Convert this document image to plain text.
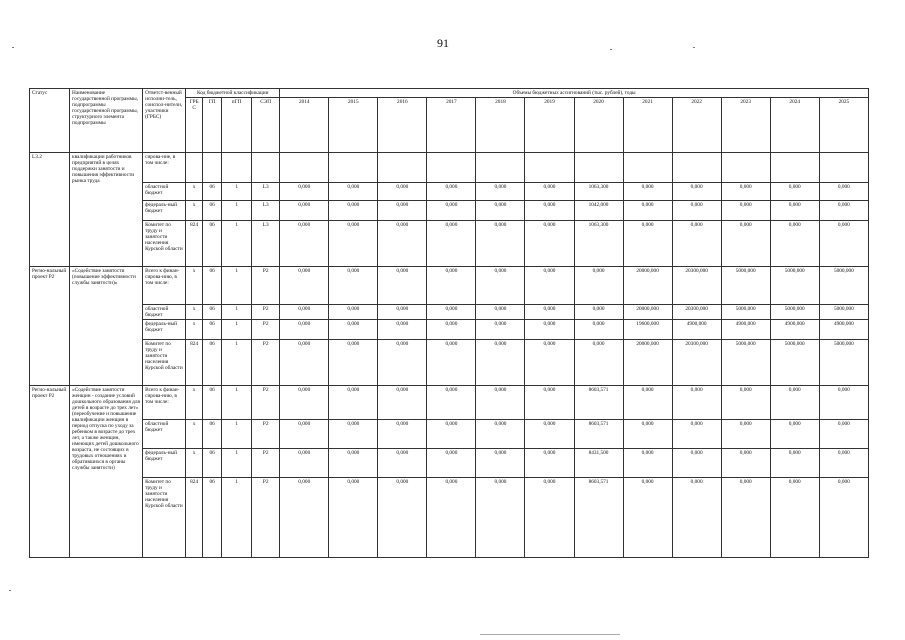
91
Статус	Наименование государственной программы, подпрограммы государственной программы, структурного элемента подпрограммы	Ответст-венный исполни-тель, соиспол-нители, участники (ГРБС)	Код бюджетной классификации				Объемы бюджетных ассигнований (тыс. рублей), годы											
			ГРБ С	ГП	пГП	СЭП	2014	2015	2016	2017	2018	2019	2020	2021	2022	2023	2024	2025
L3.2	квалификации работников предприятий в целях поддержки занятости и повышения эффективности рынка труда	сирова-ние, в том числе:																
		областной бюджет	х	06	1	L3	0,000	0,000	0,000	0,000	0,000	0,000	1063,300	0,000	0,000	0,000	0,000	0,000
		федераль-ный бюджет	х	06	1	L3	0,000	0,000	0,000	0,000	0,000	0,000	1042,000	0,000	0,000	0,000	0,000	0,000
		Комитет по труду и занятости населения Курской области	824	06	1	L3	0,000	0,000	0,000	0,000	0,000	0,000	1063,300	0,000	0,000	0,000	0,000	0,000
Регио-нальный проект Р2	«Содействие занятости (повышение эффективности службы занятости)»	Всего к финан-сирова-нию, в том числе:	х	06	1	Р2	0,000	0,000	0,000	0,000	0,000	0,000	0,000	20000,000	20300,000	5000,000	5000,000	5000,000
		областной бюджет	х	06	1	Р2	0,000	0,000	0,000	0,000	0,000	0,000	0,000	20000,000	20300,000	5000,000	5000,000	5000,000
		федераль-ный бюджет	х	06	1	Р2	0,000	0,000	0,000	0,000	0,000	0,000	0,000	19600,000	4900,000	4900,000	4900,000	4900,000
		Комитет по труду и занятости населения Курской области	824	06	1	Р2	0,000	0,000	0,000	0,000	0,000	0,000	0,000	20000,000	20300,000	5000,000	5000,000	5000,000
Регио-нальный проект Р2	«Содействие занятости женщин - создание условий дошкольного образования для детей в возрасте до трех лет» (переобучение и повышение квалификации женщин в период отпуска по уходу за ребенком в возрасте до трех лет, а также женщин, имеющих детей дошкольного возраста, не состоящих в трудовых отношениях и обратившихся в органы службы занятости)	Всего к финан-сирова-нию, в том числе:	х	06	1	Р2	0,000	0,000	0,000	0,000	0,000	0,000	8603,571	0,000	0,000	0,000	0,000	0,000
		областной бюджет	х	06	1	Р2	0,000	0,000	0,000	0,000	0,000	0,000	8603,571	0,000	0,000	0,000	0,000	0,000
		федераль-ный бюджет	х	06	1	Р2	0,000	0,000	0,000	0,000	0,000	0,000	8431,500	0,000	0,000	0,000	0,000	0,000
		Комитет по труду и занятости населения Курской области	824	06	1	Р2	0,000	0,000	0,000	0,000	0,000	0,000	8603,571	0,000	0,000	0,000	0,000	0,000
